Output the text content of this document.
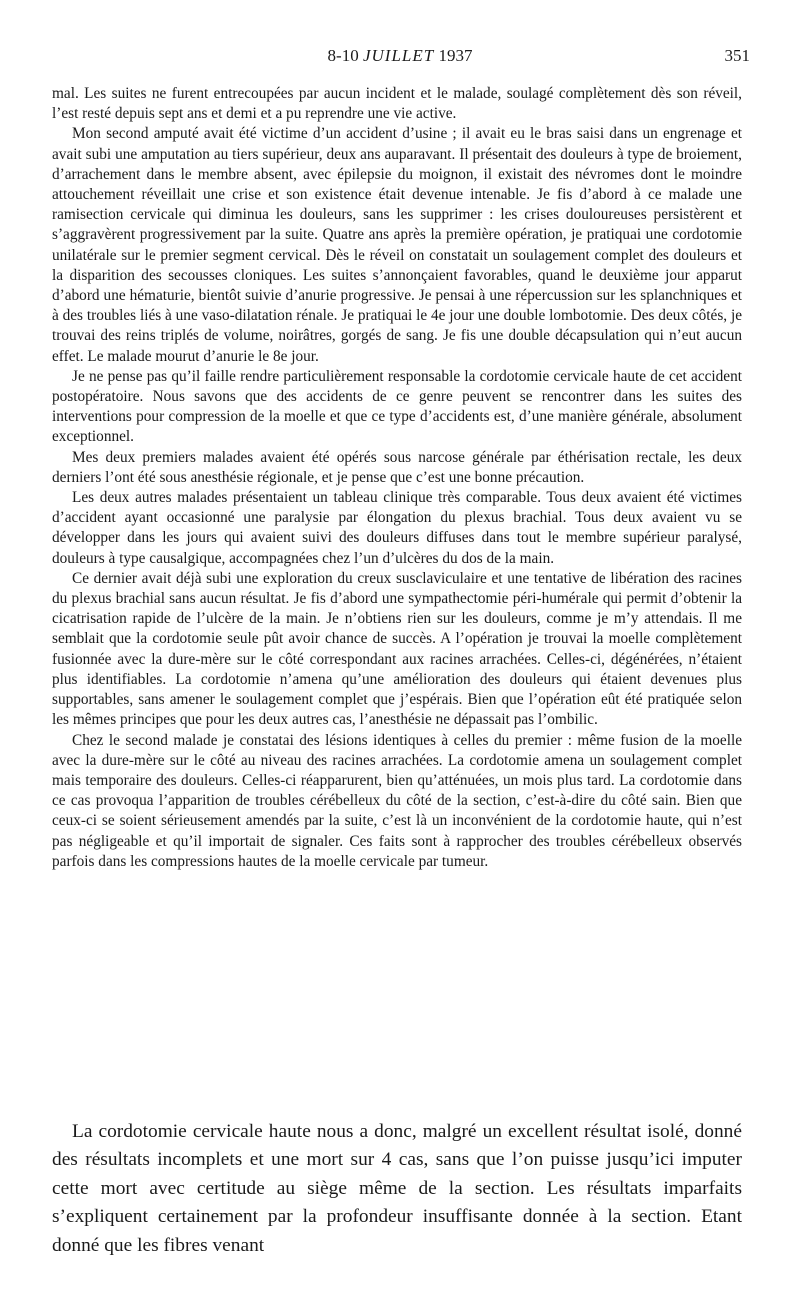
8-10 JUILLET 1937	351

mal. Les suites ne furent entrecoupées par aucun incident et le malade, soulagé complètement dès son réveil, l’est resté depuis sept ans et demi et a pu reprendre une vie active.

Mon second amputé avait été victime d’un accident d’usine ; il avait eu le bras saisi dans un engrenage et avait subi une amputation au tiers supérieur, deux ans auparavant. Il présentait des douleurs à type de broiement, d’arrachement dans le membre absent, avec épilepsie du moignon, il existait des névromes dont le moindre attouchement réveillait une crise et son existence était devenue intenable. Je fis d’abord à ce malade une ramisection cervicale qui diminua les douleurs, sans les supprimer : les crises douloureuses persistèrent et s’aggravèrent progressivement par la suite. Quatre ans après la première opération, je pratiquai une cordotomie unilatérale sur le premier segment cervical. Dès le réveil on constatait un soulagement complet des douleurs et la disparition des secousses cloniques. Les suites s’annonçaient favorables, quand le deuxième jour apparut d’abord une hématurie, bientôt suivie d’anurie progressive. Je pensai à une répercussion sur les splanchniques et à des troubles liés à une vaso-dilatation rénale. Je pratiquai le 4e jour une double lombotomie. Des deux côtés, je trouvai des reins triplés de volume, noirâtres, gorgés de sang. Je fis une double décapsulation qui n’eut aucun effet. Le malade mourut d’anurie le 8e jour.

Je ne pense pas qu’il faille rendre particulièrement responsable la cordotomie cervicale haute de cet accident postopératoire. Nous savons que des accidents de ce genre peuvent se rencontrer dans les suites des interventions pour compression de la moelle et que ce type d’accidents est, d’une manière générale, absolument exceptionnel.

Mes deux premiers malades avaient été opérés sous narcose générale par éthérisation rectale, les deux derniers l’ont été sous anesthésie régionale, et je pense que c’est une bonne précaution.

Les deux autres malades présentaient un tableau clinique très comparable. Tous deux avaient été victimes d’accident ayant occasionné une paralysie par élongation du plexus brachial. Tous deux avaient vu se développer dans les jours qui avaient suivi des douleurs diffuses dans tout le membre supérieur paralysé, douleurs à type causalgique, accompagnées chez l’un d’ulcères du dos de la main.

Ce dernier avait déjà subi une exploration du creux susclaviculaire et une tentative de libération des racines du plexus brachial sans aucun résultat. Je fis d’abord une sympathectomie péri-humérale qui permit d’obtenir la cicatrisation rapide de l’ulcère de la main. Je n’obtiens rien sur les douleurs, comme je m’y attendais. Il me semblait que la cordotomie seule pût avoir chance de succès. A l’opération je trouvai la moelle complètement fusionnée avec la dure-mère sur le côté correspondant aux racines arrachées. Celles-ci, dégénérées, n’étaient plus identifiables. La cordotomie n’amena qu’une amélioration des douleurs qui étaient devenues plus supportables, sans amener le soulagement complet que j’espérais. Bien que l’opération eût été pratiquée selon les mêmes principes que pour les deux autres cas, l’anesthésie ne dépassait pas l’ombilic.

Chez le second malade je constatai des lésions identiques à celles du premier : même fusion de la moelle avec la dure-mère sur le côté au niveau des racines arrachées. La cordotomie amena un soulagement complet mais temporaire des douleurs. Celles-ci réapparurent, bien qu’atténuées, un mois plus tard. La cordotomie dans ce cas provoqua l’apparition de troubles cérébelleux du côté de la section, c’est-à-dire du côté sain. Bien que ceux-ci se soient sérieusement amendés par la suite, c’est là un inconvénient de la cordotomie haute, qui n’est pas négligeable et qu’il importait de signaler. Ces faits sont à rapprocher des troubles cérébelleux observés parfois dans les compressions hautes de la moelle cervicale par tumeur.

La cordotomie cervicale haute nous a donc, malgré un excellent résultat isolé, donné des résultats incomplets et une mort sur 4 cas, sans que l’on puisse jusqu’ici imputer cette mort avec certitude au siège même de la section. Les résultats imparfaits s’expliquent certainement par la profondeur insuffisante donnée à la section. Etant donné que les fibres venant
